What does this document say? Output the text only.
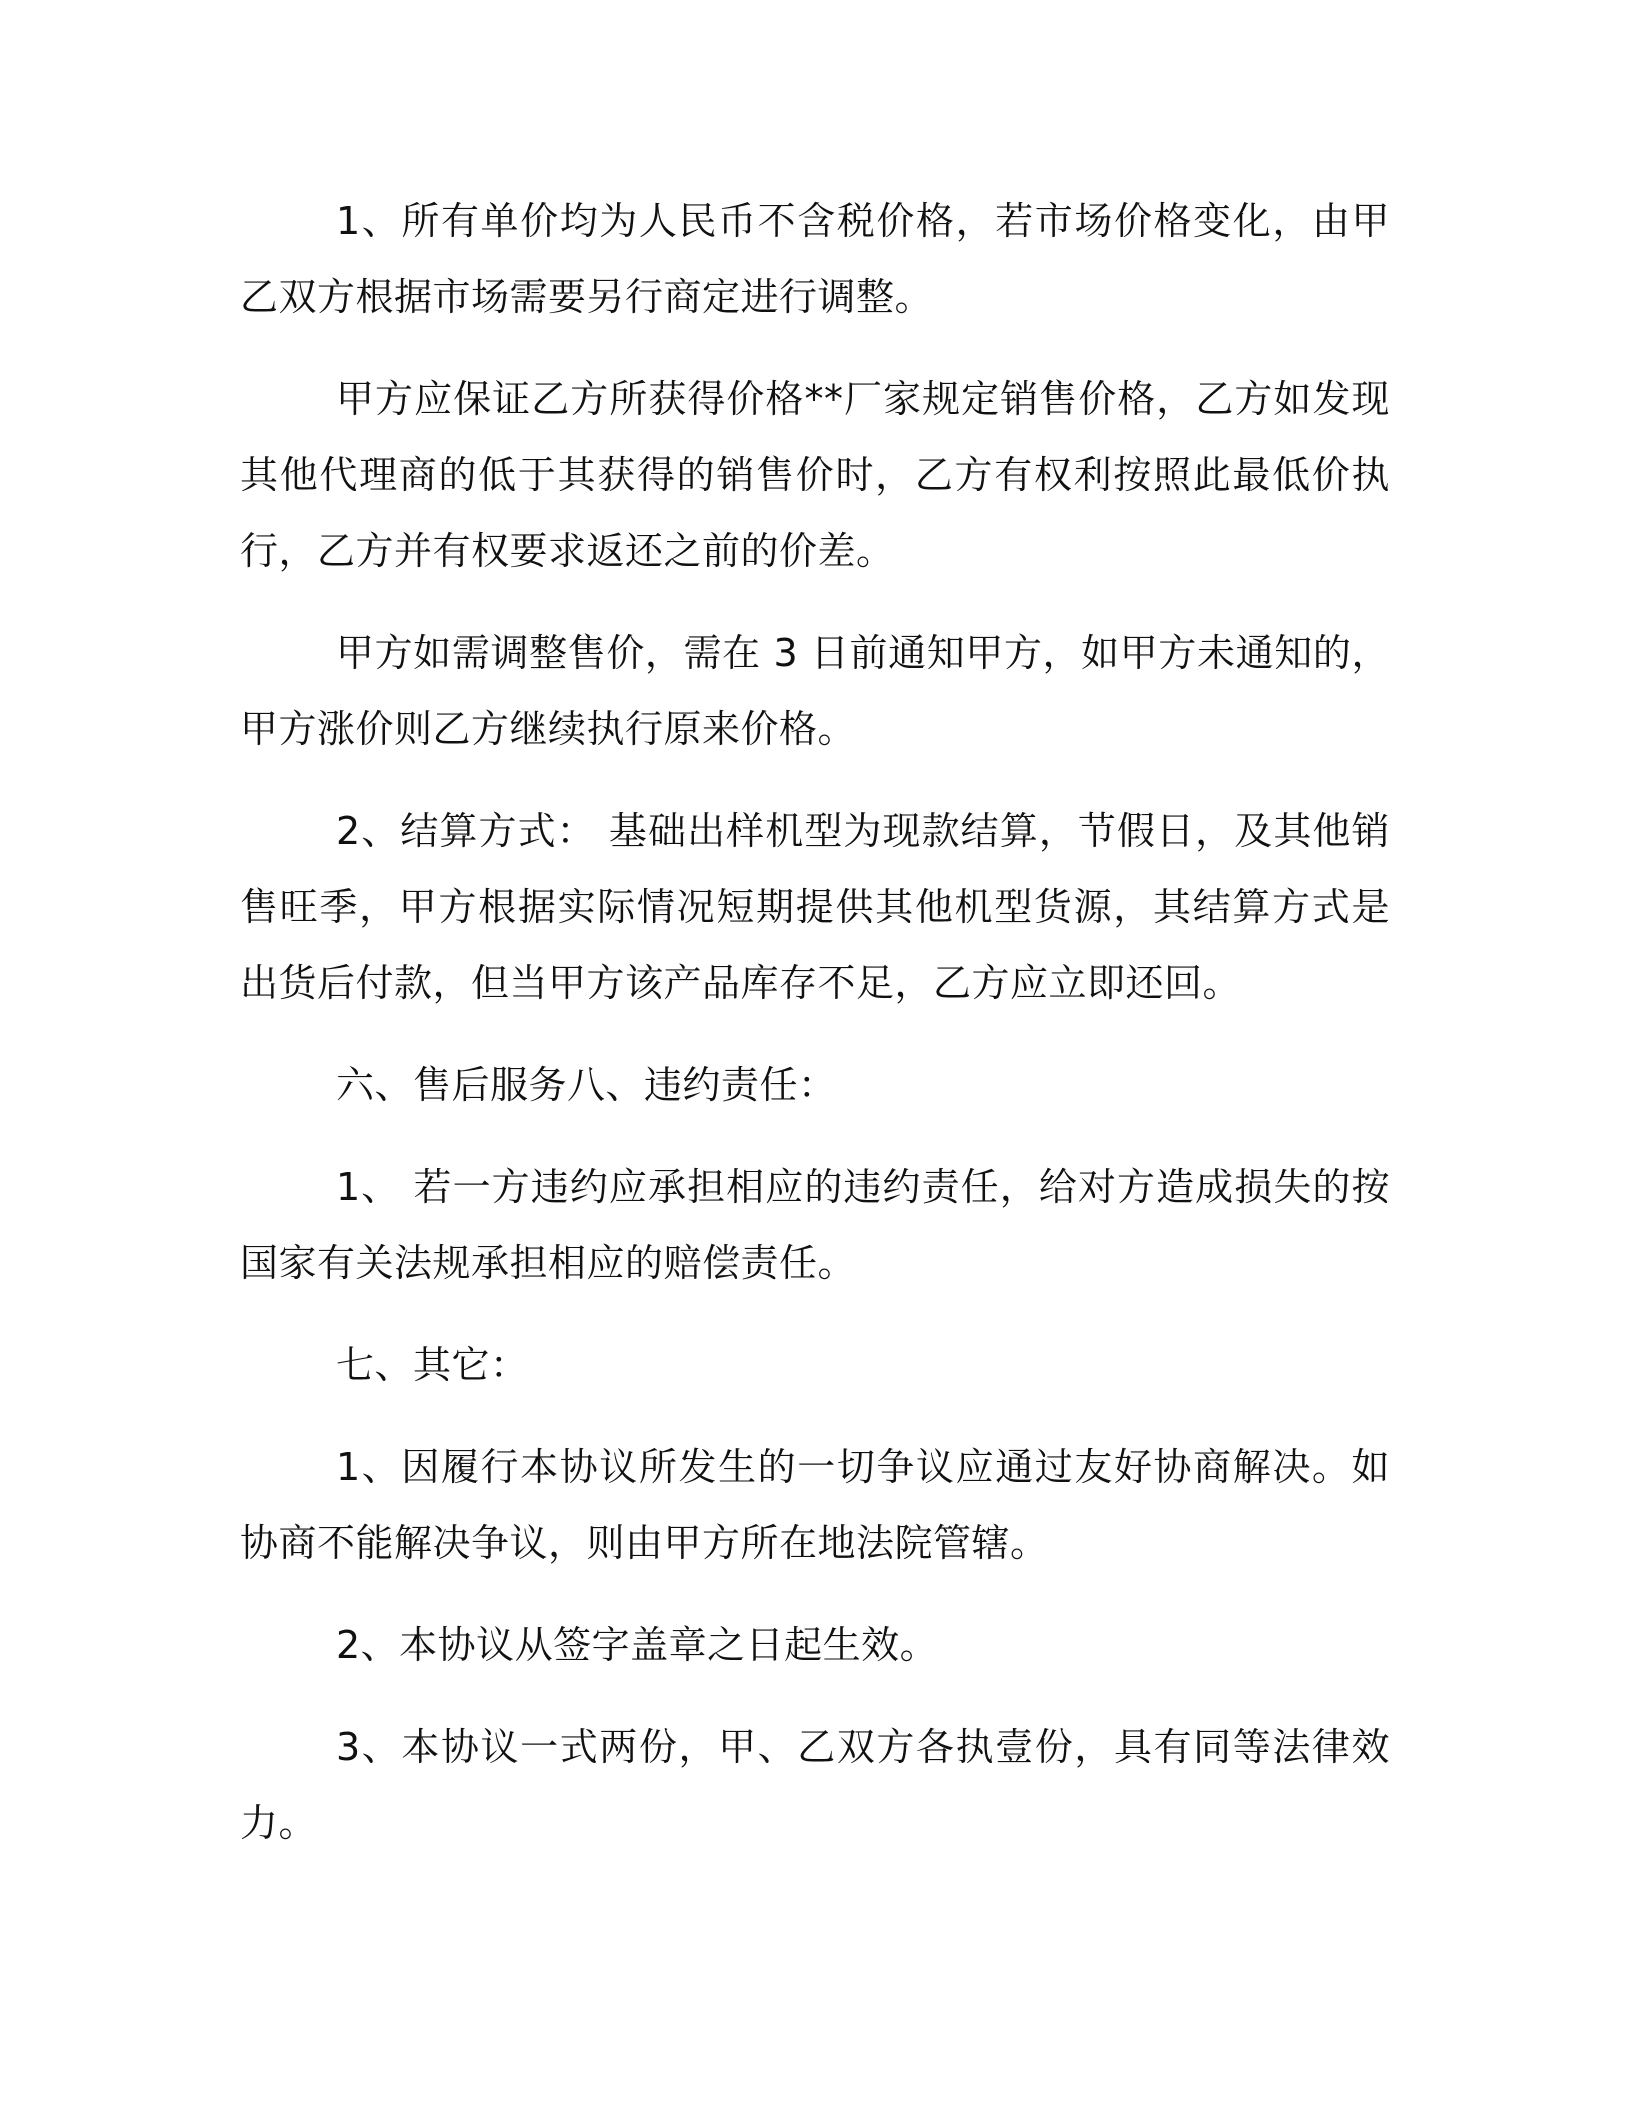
1、所有单价均为人民币不含税价格，若市场价格变化，由甲乙双方根据市场需要另行商定进行调整。

甲方应保证乙方所获得价格**厂家规定销售价格，乙方如发现其他代理商的低于其获得的销售价时，乙方有权利按照此最低价执行，乙方并有权要求返还之前的价差。

甲方如需调整售价，需在 3 日前通知甲方，如甲方未通知的，甲方涨价则乙方继续执行原来价格。

2、结算方式： 基础出样机型为现款结算，节假日，及其他销售旺季，甲方根据实际情况短期提供其他机型货源，其结算方式是出货后付款，但当甲方该产品库存不足，乙方应立即还回。

六、售后服务八、违约责任：

1、 若一方违约应承担相应的违约责任，给对方造成损失的按国家有关法规承担相应的赔偿责任。

七、其它：

1、因履行本协议所发生的一切争议应通过友好协商解决。如协商不能解决争议，则由甲方所在地法院管辖。

2、本协议从签字盖章之日起生效。

3、本协议一式两份，甲、乙双方各执壹份，具有同等法律效力。
